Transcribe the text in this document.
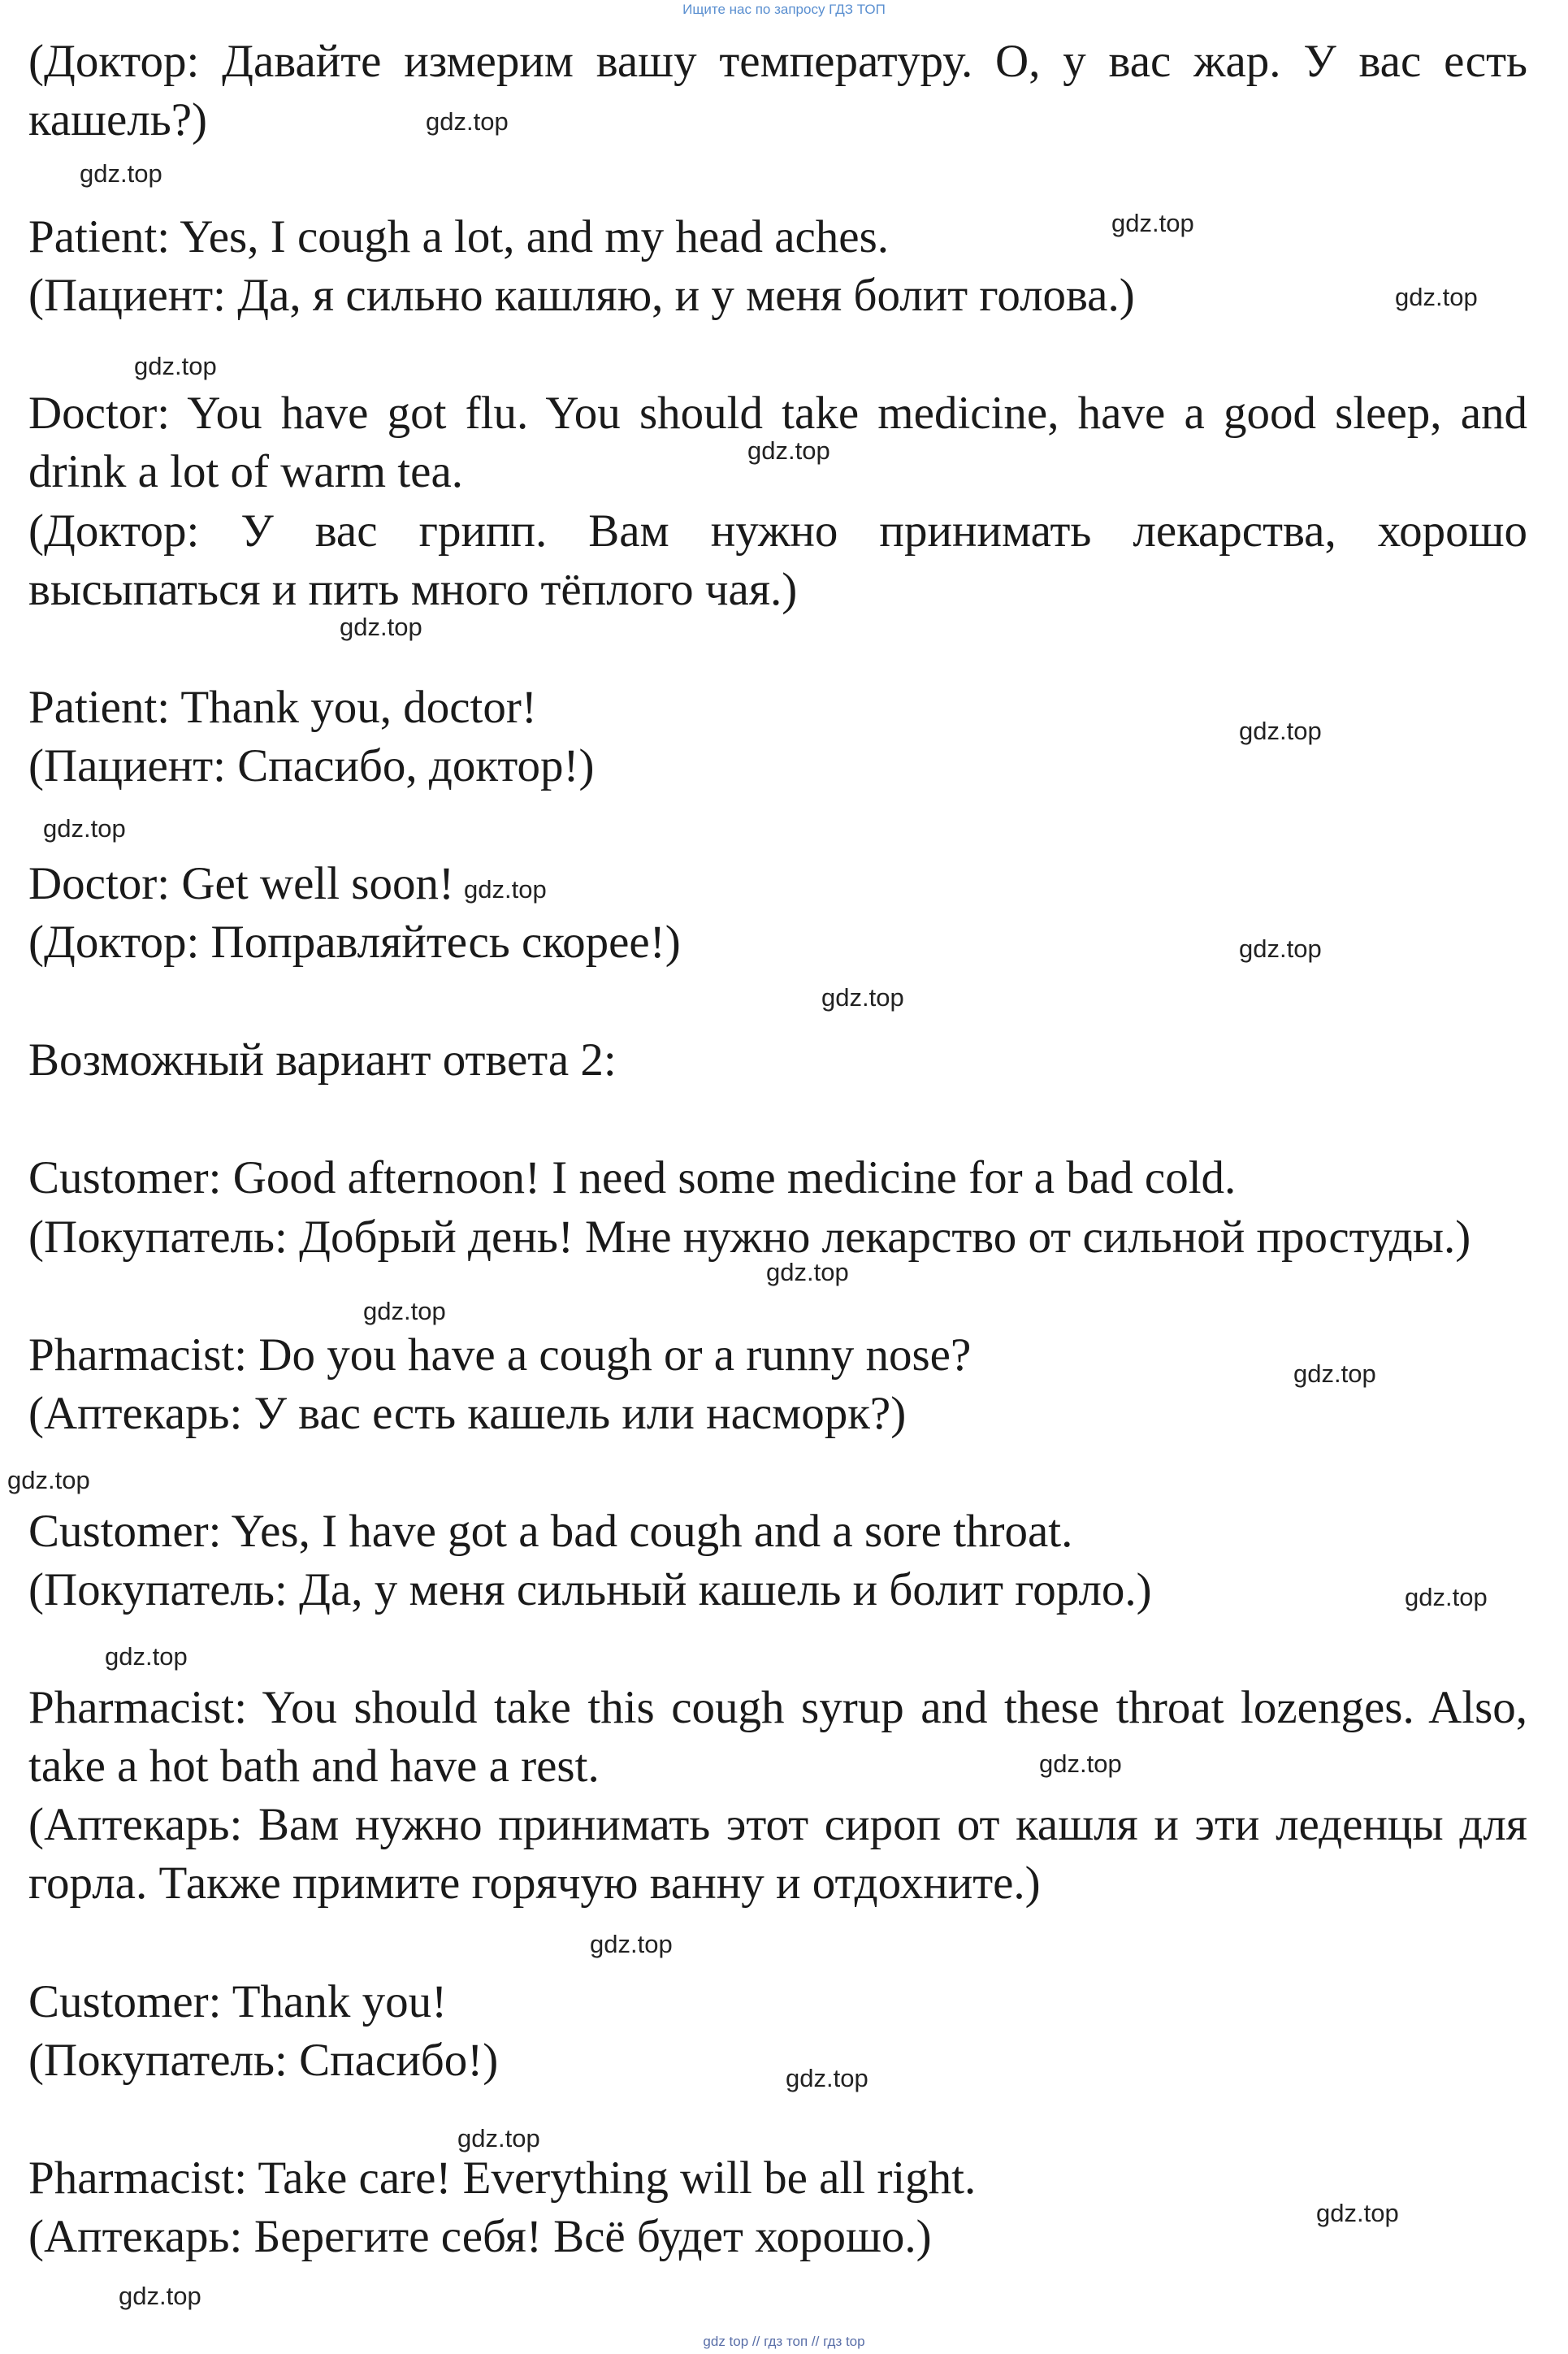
Ищите нас по запросу ГДЗ ТОП

(Доктор: Давайте измерим вашу температуру. О, у вас жар. У вас есть

кашель?)

Patient: Yes, I cough a lot, and my head aches.

(Пациент: Да, я сильно кашляю, и у меня болит голова.)

Doctor: You have got flu. You should take medicine, have a good sleep, and

drink a lot of warm tea.

(Доктор: У вас грипп. Вам нужно принимать лекарства, хорошо

высыпаться и пить много тёплого чая.)

Patient: Thank you, doctor!

(Пациент: Спасибо, доктор!)

Doctor: Get well soon!

(Доктор: Поправляйтесь скорее!)

Возможный вариант ответа 2:

Customer: Good afternoon! I need some medicine for a bad cold.

(Покупатель: Добрый день! Мне нужно лекарство от сильной простуды.)

Pharmacist: Do you have a cough or a runny nose?

(Аптекарь: У вас есть кашель или насморк?)

Customer: Yes, I have got a bad cough and a sore throat.

(Покупатель: Да, у меня сильный кашель и болит горло.)

Pharmacist: You should take this cough syrup and these throat lozenges. Also,

take a hot bath and have a rest.

(Аптекарь: Вам нужно принимать этот сироп от кашля и эти леденцы для

горла. Также примите горячую ванну и отдохните.)

Customer: Thank you!

(Покупатель: Спасибо!)

Pharmacist: Take care! Everything will be all right.

(Аптекарь: Берегите себя! Всё будет хорошо.)

gdz.top
gdz.top
gdz.top
gdz.top
gdz.top
gdz.top
gdz.top
gdz.top
gdz.top
gdz.top
gdz.top
gdz.top
gdz.top
gdz.top
gdz.top
gdz.top
gdz.top
gdz.top
gdz.top
gdz.top
gdz.top
gdz.top
gdz.top
gdz.top
gdz top // гдз топ // гдз top
